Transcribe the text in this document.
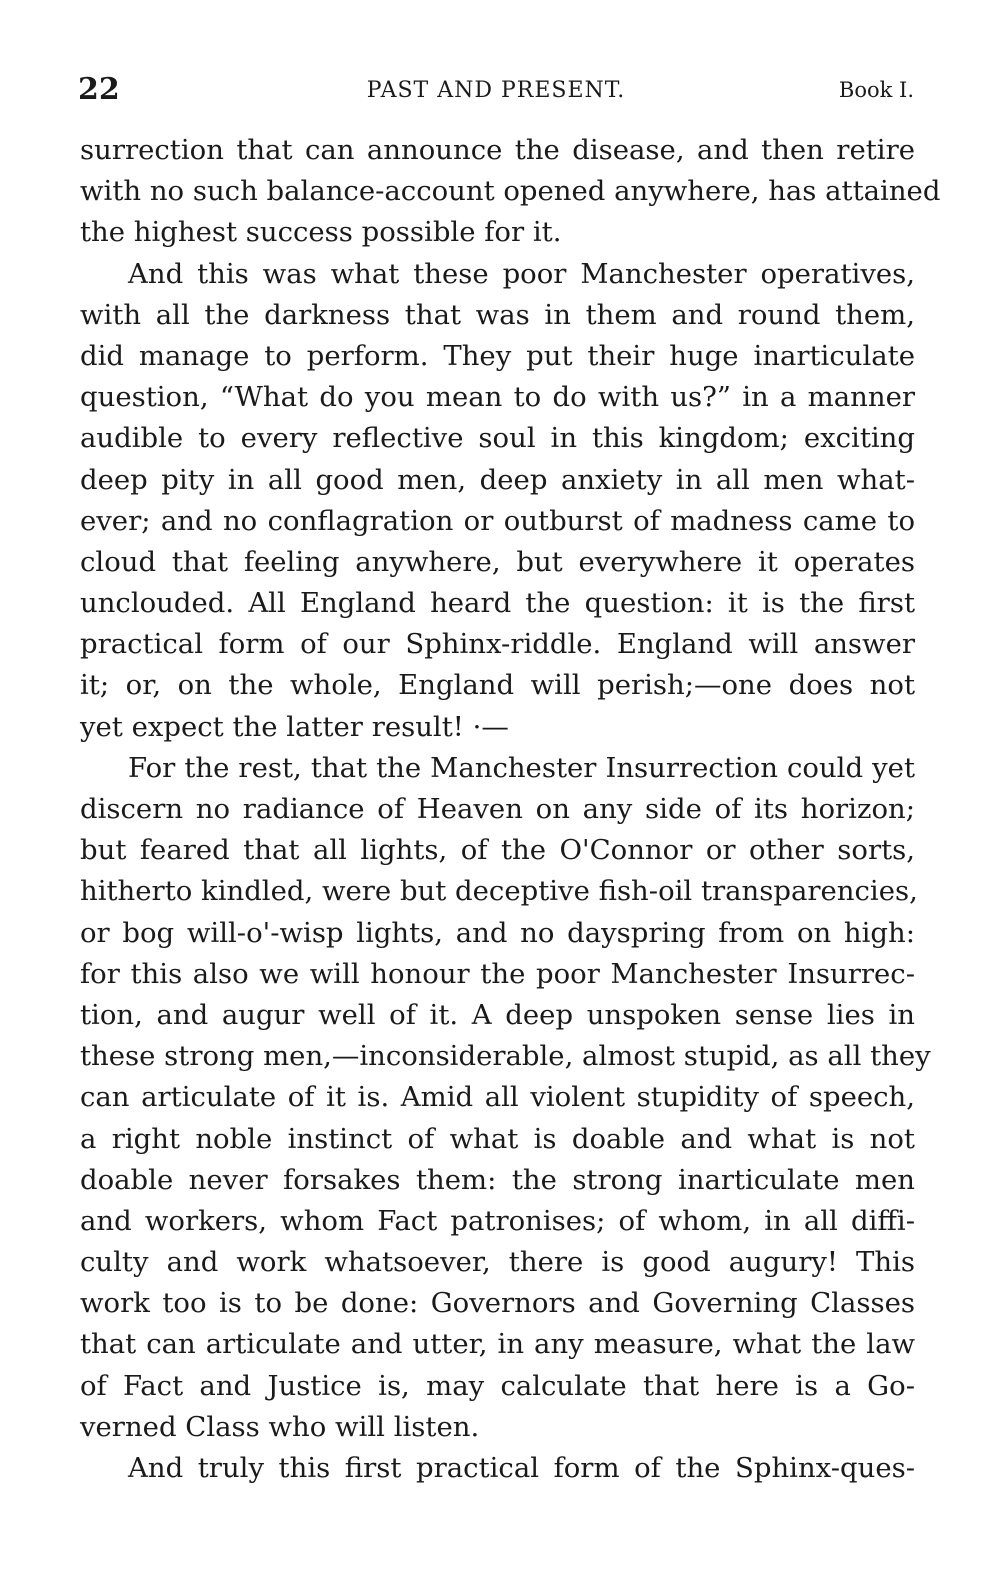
22	PAST AND PRESENT.	Book I.
surrection that can announce the disease, and then retire
with no such balance-account opened anywhere, has attained
the highest success possible for it.
And this was what these poor Manchester operatives,
with all the darkness that was in them and round them,
did manage to perform. They put their huge inarticulate
question, “What do you mean to do with us?” in a manner
audible to every reflective soul in this kingdom; exciting
deep pity in all good men, deep anxiety in all men what-
ever; and no conflagration or outburst of madness came to
cloud that feeling anywhere, but everywhere it operates
unclouded. All England heard the question: it is the first
practical form of our Sphinx-riddle. England will answer
it; or, on the whole, England will perish;—one does not
yet expect the latter result! ·—
For the rest, that the Manchester Insurrection could yet
discern no radiance of Heaven on any side of its horizon;
but feared that all lights, of the O'Connor or other sorts,
hitherto kindled, were but deceptive fish-oil transparencies,
or bog will-o'-wisp lights, and no dayspring from on high:
for this also we will honour the poor Manchester Insurrec-
tion, and augur well of it. A deep unspoken sense lies in
these strong men,—inconsiderable, almost stupid, as all they
can articulate of it is. Amid all violent stupidity of speech,
a right noble instinct of what is doable and what is not
doable never forsakes them: the strong inarticulate men
and workers, whom Fact patronises; of whom, in all diffi-
culty and work whatsoever, there is good augury! This
work too is to be done: Governors and Governing Classes
that can articulate and utter, in any measure, what the law
of Fact and Justice is, may calculate that here is a Go-
verned Class who will listen.
And truly this first practical form of the Sphinx-ques-
